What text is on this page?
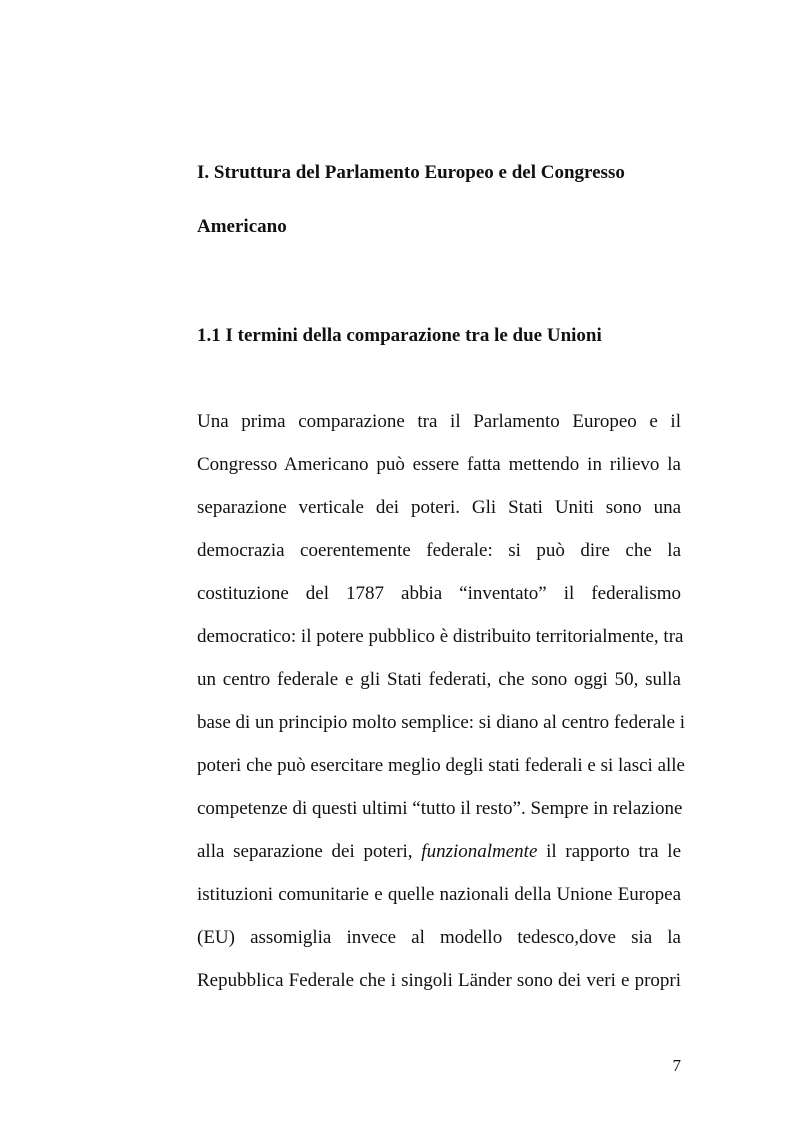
I. Struttura del Parlamento Europeo e del Congresso
Americano
1.1 I termini della comparazione tra le due Unioni
Una prima comparazione tra il Parlamento Europeo e il
Congresso Americano può essere fatta mettendo in rilievo la
separazione verticale dei poteri. Gli Stati Uniti sono una
democrazia coerentemente federale: si può dire che la
costituzione del 1787 abbia “inventato” il federalismo
democratico: il potere pubblico è distribuito territorialmente, tra
un centro federale e gli Stati federati, che sono oggi 50, sulla
base di un principio molto semplice: si diano al centro federale i
poteri che può esercitare meglio degli stati federali e si lasci alle
competenze di questi ultimi “tutto il resto”. Sempre in relazione
alla separazione dei poteri, funzionalmente il rapporto tra le
istituzioni comunitarie e quelle nazionali della Unione Europea
(EU) assomiglia invece al modello tedesco,dove sia la
Repubblica Federale che i singoli Länder sono dei veri e propri
7
